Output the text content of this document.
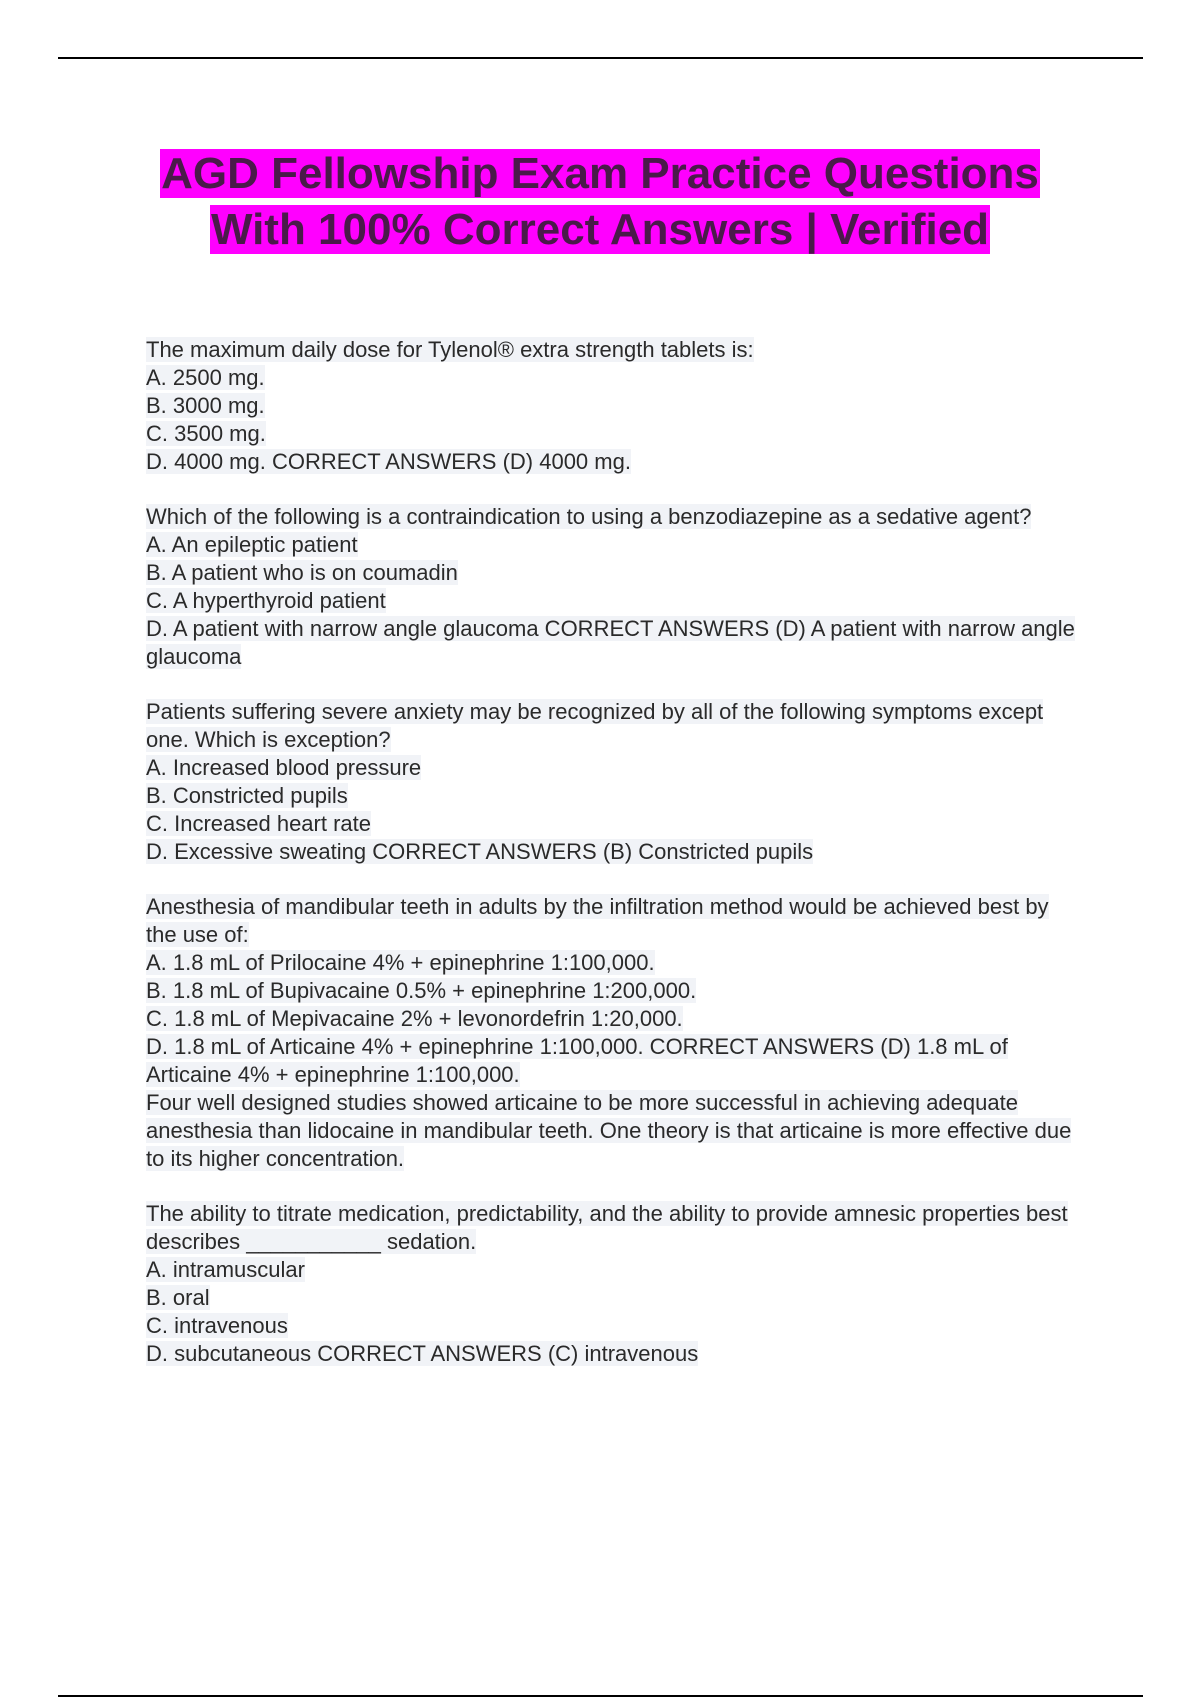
AGD Fellowship Exam Practice Questions With 100% Correct Answers | Verified
The maximum daily dose for Tylenol® extra strength tablets is:
A. 2500 mg.
B. 3000 mg.
C. 3500 mg.
D. 4000 mg. CORRECT ANSWERS (D) 4000 mg.
Which of the following is a contraindication to using a benzodiazepine as a sedative agent?
A. An epileptic patient
B. A patient who is on coumadin
C. A hyperthyroid patient
D. A patient with narrow angle glaucoma CORRECT ANSWERS (D) A patient with narrow angle glaucoma
Patients suffering severe anxiety may be recognized by all of the following symptoms except one. Which is exception?
A. Increased blood pressure
B. Constricted pupils
C. Increased heart rate
D. Excessive sweating CORRECT ANSWERS (B) Constricted pupils
Anesthesia of mandibular teeth in adults by the infiltration method would be achieved best by the use of:
A. 1.8 mL of Prilocaine 4% + epinephrine 1:100,000.
B. 1.8 mL of Bupivacaine 0.5% + epinephrine 1:200,000.
C. 1.8 mL of Mepivacaine 2% + levonordefrin 1:20,000.
D. 1.8 mL of Articaine 4% + epinephrine 1:100,000. CORRECT ANSWERS (D) 1.8 mL of Articaine 4% + epinephrine 1:100,000.
Four well designed studies showed articaine to be more successful in achieving adequate anesthesia than lidocaine in mandibular teeth. One theory is that articaine is more effective due to its higher concentration.
The ability to titrate medication, predictability, and the ability to provide amnesic properties best describes ___________ sedation.
A. intramuscular
B. oral
C. intravenous
D. subcutaneous CORRECT ANSWERS (C) intravenous
